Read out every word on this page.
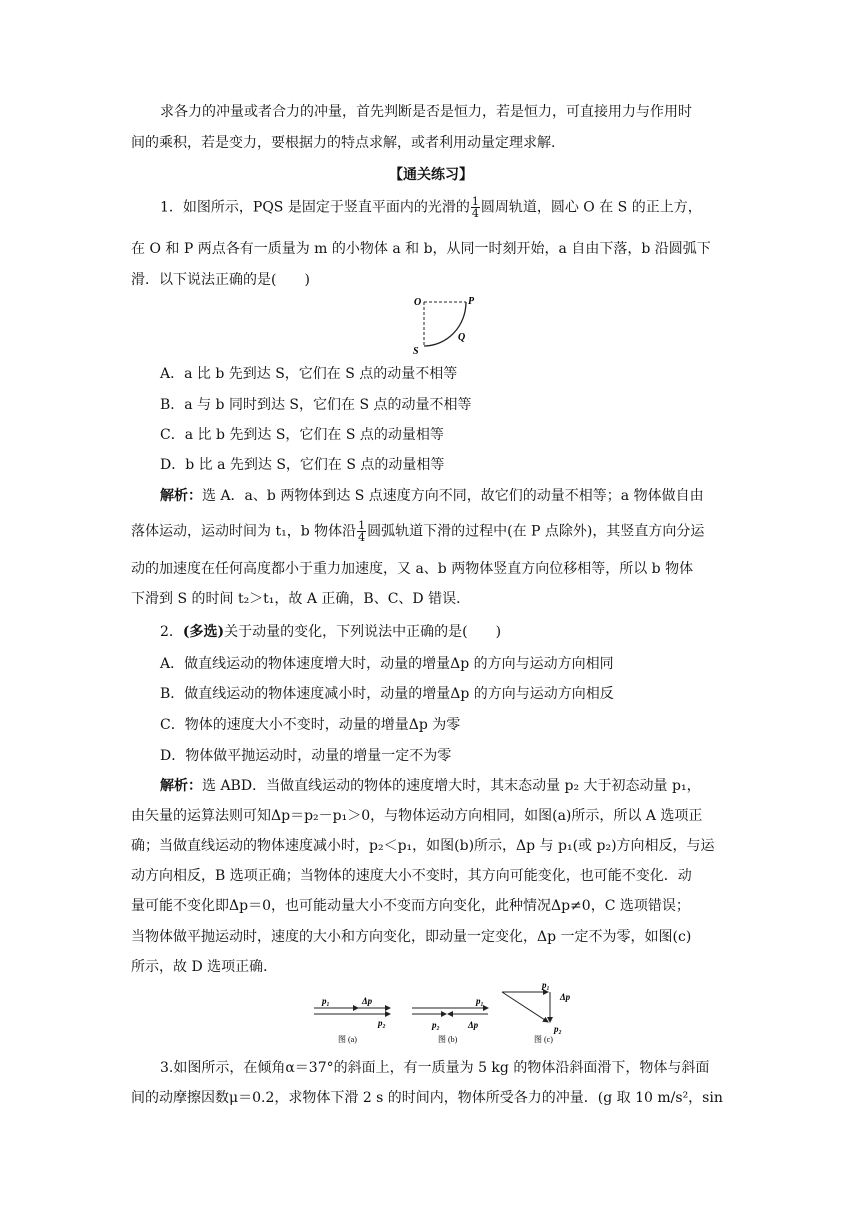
求各力的冲量或者合力的冲量，首先判断是否是恒力，若是恒力，可直接用力与作用时
间的乘积，若是变力，要根据力的特点求解，或者利用动量定理求解.
【通关练习】
1．如图所示，PQS 是固定于竖直平面内的光滑的 $\frac{1}{4}$ 圆周轨道，圆心 O 在 S 的正上方，
在 O 和 P 两点各有一质量为 m 的小物体 a 和 b，从同一时刻开始，a 自由下落，b 沿圆弧下
滑．以下说法正确的是(　　)
O	P
Q
S
A．a 比 b 先到达 S，它们在 S 点的动量不相等
B．a 与 b 同时到达 S，它们在 S 点的动量不相等
C．a 比 b 先到达 S，它们在 S 点的动量相等
D．b 比 a 先到达 S，它们在 S 点的动量相等
解析：选 A．a、b 两物体到达 S 点速度方向不同，故它们的动量不相等；a 物体做自由
落体运动，运动时间为 t₁，b 物体沿 $\frac{1}{4}$ 圆弧轨道下滑的过程中(在 P 点除外)，其竖直方向分运
动的加速度在任何高度都小于重力加速度，又 a、b 两物体竖直方向位移相等，所以 b 物体
下滑到 S 的时间 t₂＞t₁，故 A 正确，B、C、D 错误．
2．(多选)关于动量的变化，下列说法中正确的是(　　)
A．做直线运动的物体速度增大时，动量的增量Δp 的方向与运动方向相同
B．做直线运动的物体速度减小时，动量的增量Δp 的方向与运动方向相反
C．物体的速度大小不变时，动量的增量Δp 为零
D．物体做平抛运动时，动量的增量一定不为零
解析：选 ABD．当做直线运动的物体的速度增大时，其末态动量 p₂ 大于初态动量 p₁，
由矢量的运算法则可知Δp＝p₂－p₁＞0，与物体运动方向相同，如图(a)所示，所以 A 选项正
确；当做直线运动的物体速度减小时，p₂＜p₁，如图(b)所示，Δp 与 p₁(或 p₂)方向相反，与运
动方向相反，B 选项正确；当物体的速度大小不变时，其方向可能变化，也可能不变化．动
量可能不变化即Δp＝0，也可能动量大小不变而方向变化，此种情况Δp≠0，C 选项错误；
当物体做平抛运动时，速度的大小和方向变化，即动量一定变化，Δp 一定不为零，如图(c)
所示，故 D 选项正确．
p₁	Δp
p₂
图 (a)
p₁
p₂	Δp
图 (b)
p₁
Δp
p₂
图 (c)
3.如图所示，在倾角α＝37°的斜面上，有一质量为 5 kg 的物体沿斜面滑下，物体与斜面
间的动摩擦因数μ＝0.2，求物体下滑 2 s 的时间内，物体所受各力的冲量．(g 取 10 m/s²，sin
